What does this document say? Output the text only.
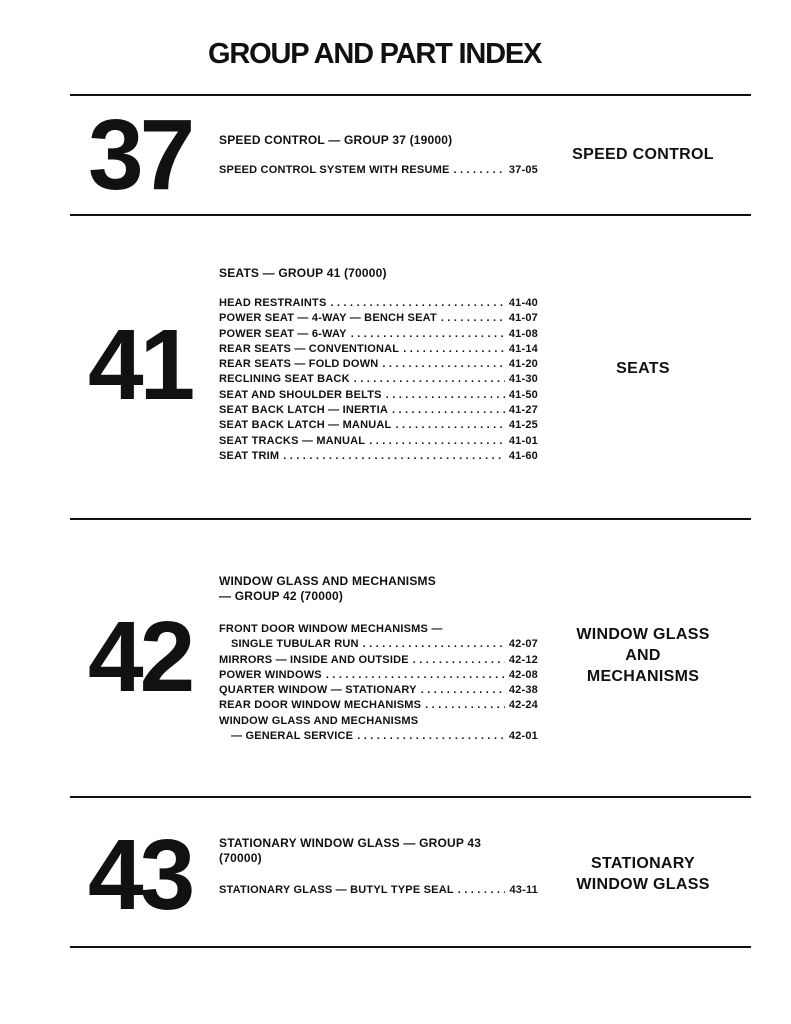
GROUP AND PART INDEX
37 SPEED CONTROL — GROUP 37 (19000)
SPEED CONTROL SYSTEM WITH RESUME . . .	37-05
SPEED CONTROL
41
SEATS — GROUP 41 (70000)
HEAD RESTRAINTS . . .	41-40
POWER SEAT — 4-WAY — BENCH SEAT . . .	41-07
POWER SEAT — 6-WAY . . .	41-08
REAR SEATS — CONVENTIONAL . . .	41-14
REAR SEATS — FOLD DOWN . . .	41-20
RECLINING SEAT BACK . . .	41-30
SEAT AND SHOULDER BELTS . . .	41-50
SEAT BACK LATCH — INERTIA . . .	41-27
SEAT BACK LATCH — MANUAL . . .	41-25
SEAT TRACKS — MANUAL . . .	41-01
SEAT TRIM . . .	41-60
SEATS
42
WINDOW GLASS AND MECHANISMS
— GROUP 42 (70000)
FRONT DOOR WINDOW MECHANISMS —
SINGLE TUBULAR RUN . . .	42-07
MIRRORS — INSIDE AND OUTSIDE . . .	42-12
POWER WINDOWS . . .	42-08
QUARTER WINDOW — STATIONARY . . .	42-38
REAR DOOR WINDOW MECHANISMS . . .	42-24
WINDOW GLASS AND MECHANISMS
— GENERAL SERVICE . . .	42-01
WINDOW GLASS
AND
MECHANISMS
43 STATIONARY WINDOW GLASS — GROUP 43
(70000)
STATIONARY GLASS — BUTYL TYPE SEAL . . .	43-11
STATIONARY
WINDOW GLASS
